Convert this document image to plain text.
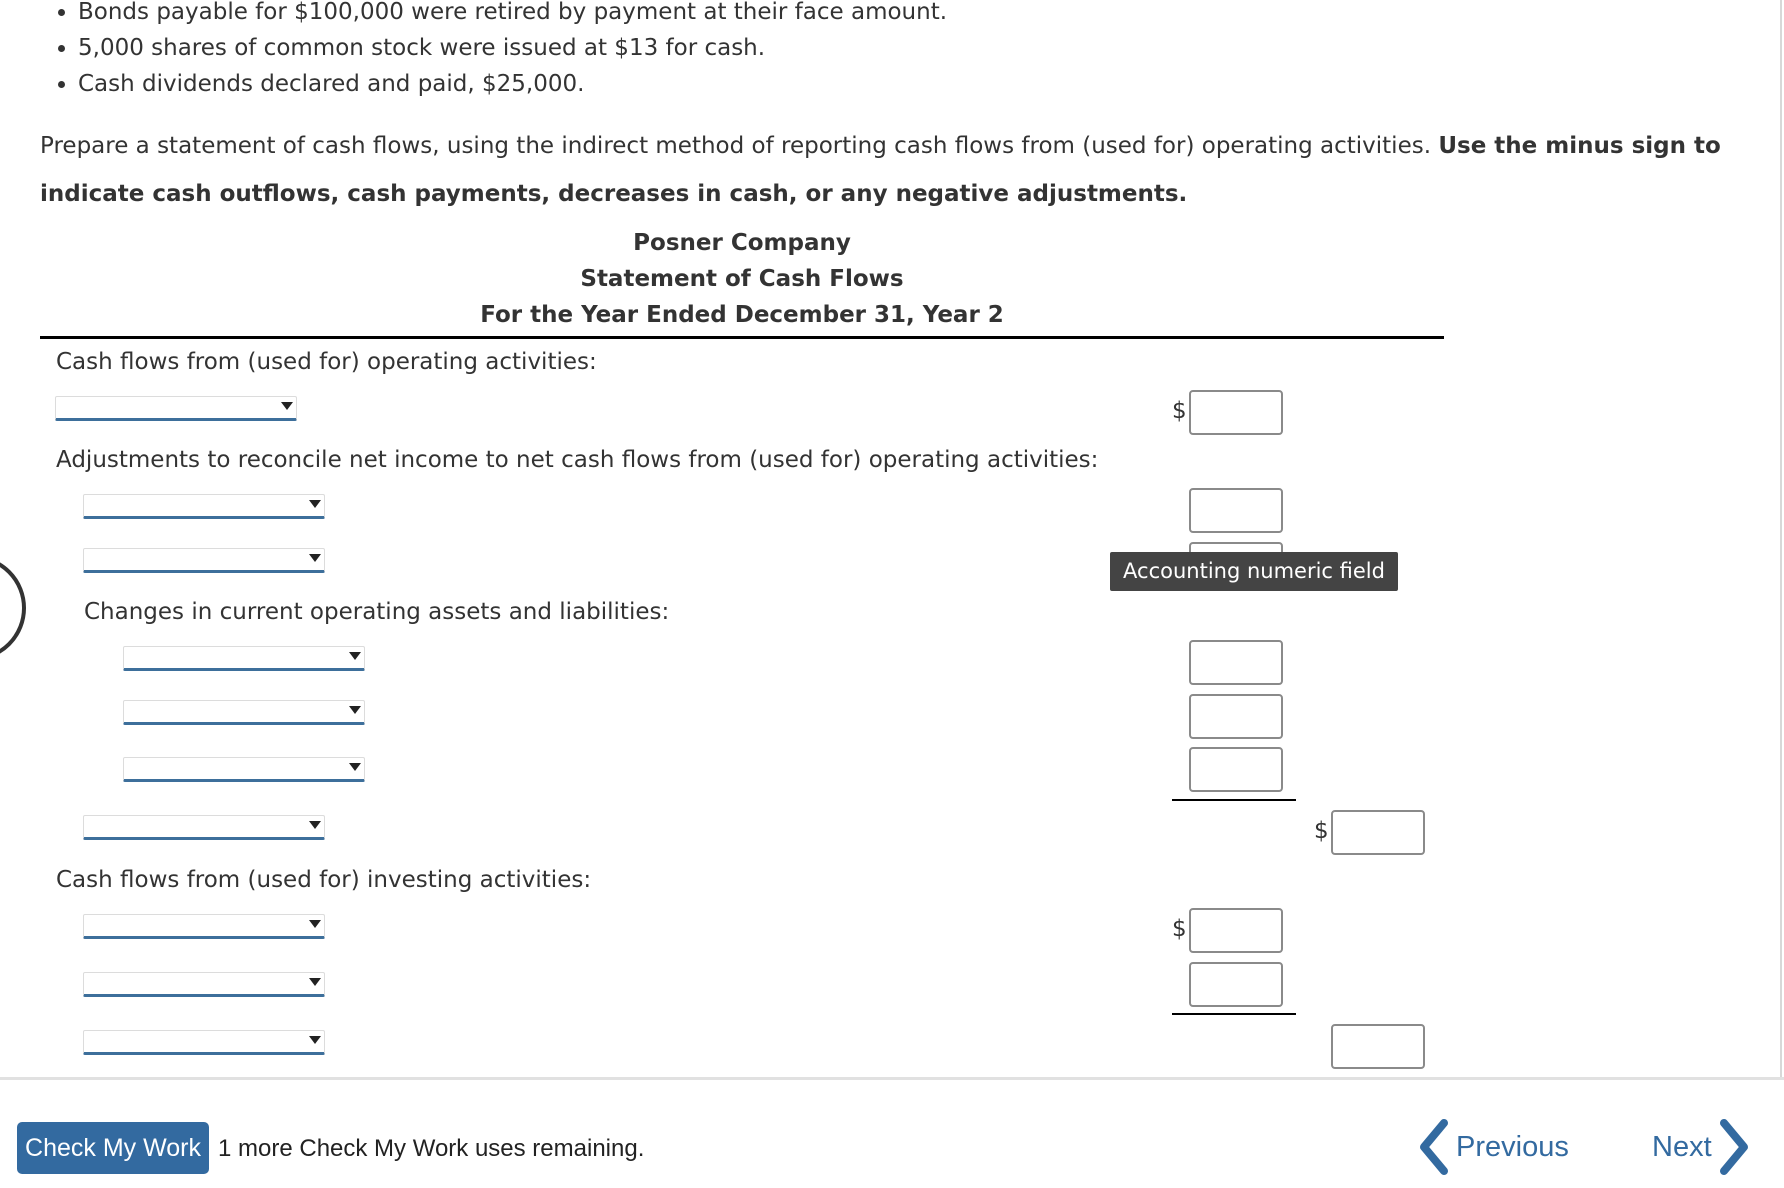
• Bonds payable for $100,000 were retired by payment at their face amount.
• 5,000 shares of common stock were issued at $13 for cash.
• Cash dividends declared and paid, $25,000.
Prepare a statement of cash flows, using the indirect method of reporting cash flows from (used for) operating activities. Use the minus sign to indicate cash outflows, cash payments, decreases in cash, or any negative adjustments.
Posner Company
Statement of Cash Flows
For the Year Ended December 31, Year 2
Cash flows from (used for) operating activities:
$
Adjustments to reconcile net income to net cash flows from (used for) operating activities:
Accounting numeric field
Changes in current operating assets and liabilities:
$
Cash flows from (used for) investing activities:
$
Check My Work 1 more Check My Work uses remaining.	Previous	Next
